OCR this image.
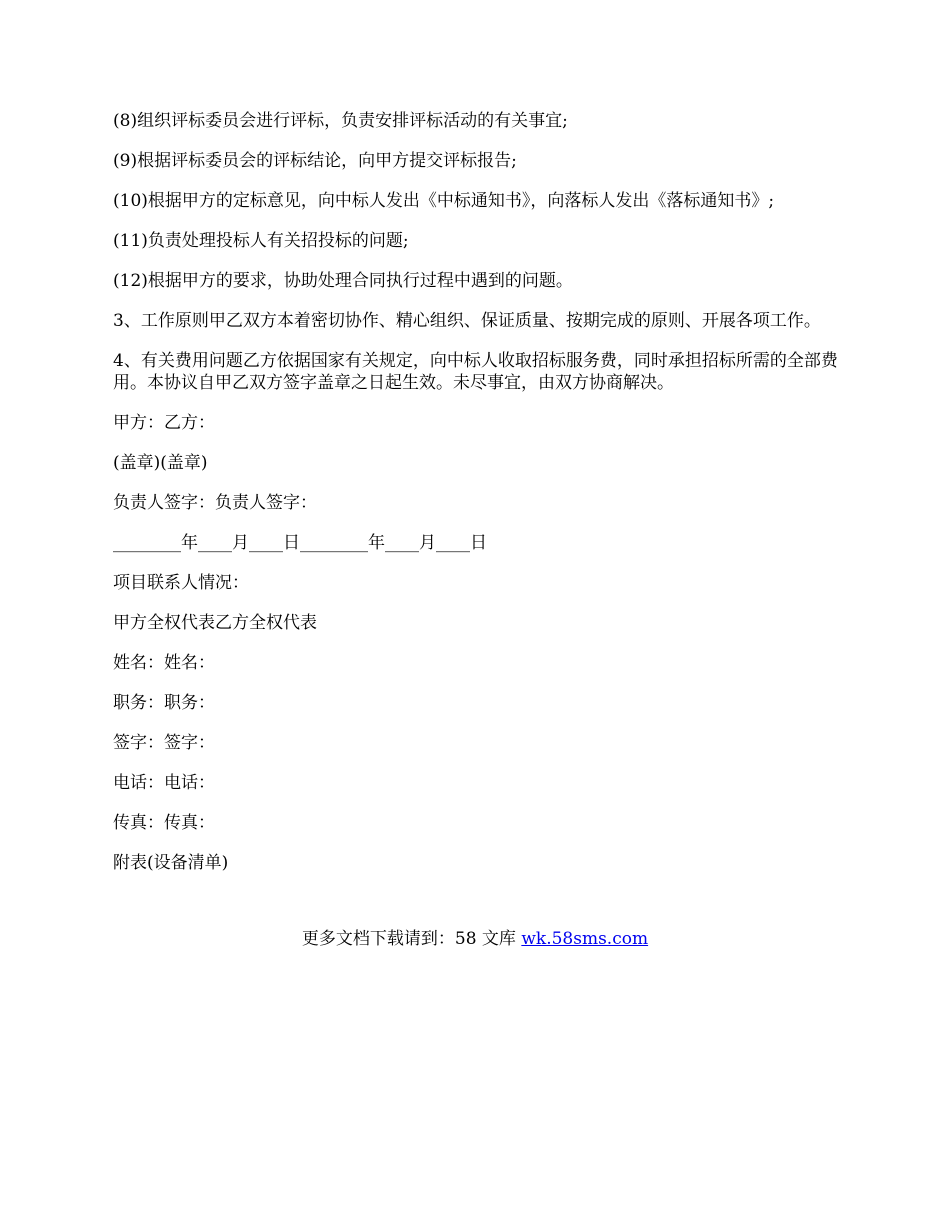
(8)组织评标委员会进行评标，负责安排评标活动的有关事宜;

(9)根据评标委员会的评标结论，向甲方提交评标报告;

(10)根据甲方的定标意见，向中标人发出《中标通知书》，向落标人发出《落标通知书》;

(11)负责处理投标人有关招投标的问题;

(12)根据甲方的要求，协助处理合同执行过程中遇到的问题。

3、工作原则甲乙双方本着密切协作、精心组织、保证质量、按期完成的原则、开展各项工作。

4、有关费用问题乙方依据国家有关规定，向中标人收取招标服务费，同时承担招标所需的全部费用。本协议自甲乙双方签字盖章之日起生效。未尽事宜，由双方协商解决。

甲方：乙方：

(盖章)(盖章)

负责人签字：负责人签字：

________年____月____日________年____月____日

项目联系人情况：

甲方全权代表乙方全权代表

姓名：姓名：

职务：职务：

签字：签字：

电话：电话：

传真：传真：

附表(设备清单)

更多文档下载请到：58 文库 wk.58sms.com
